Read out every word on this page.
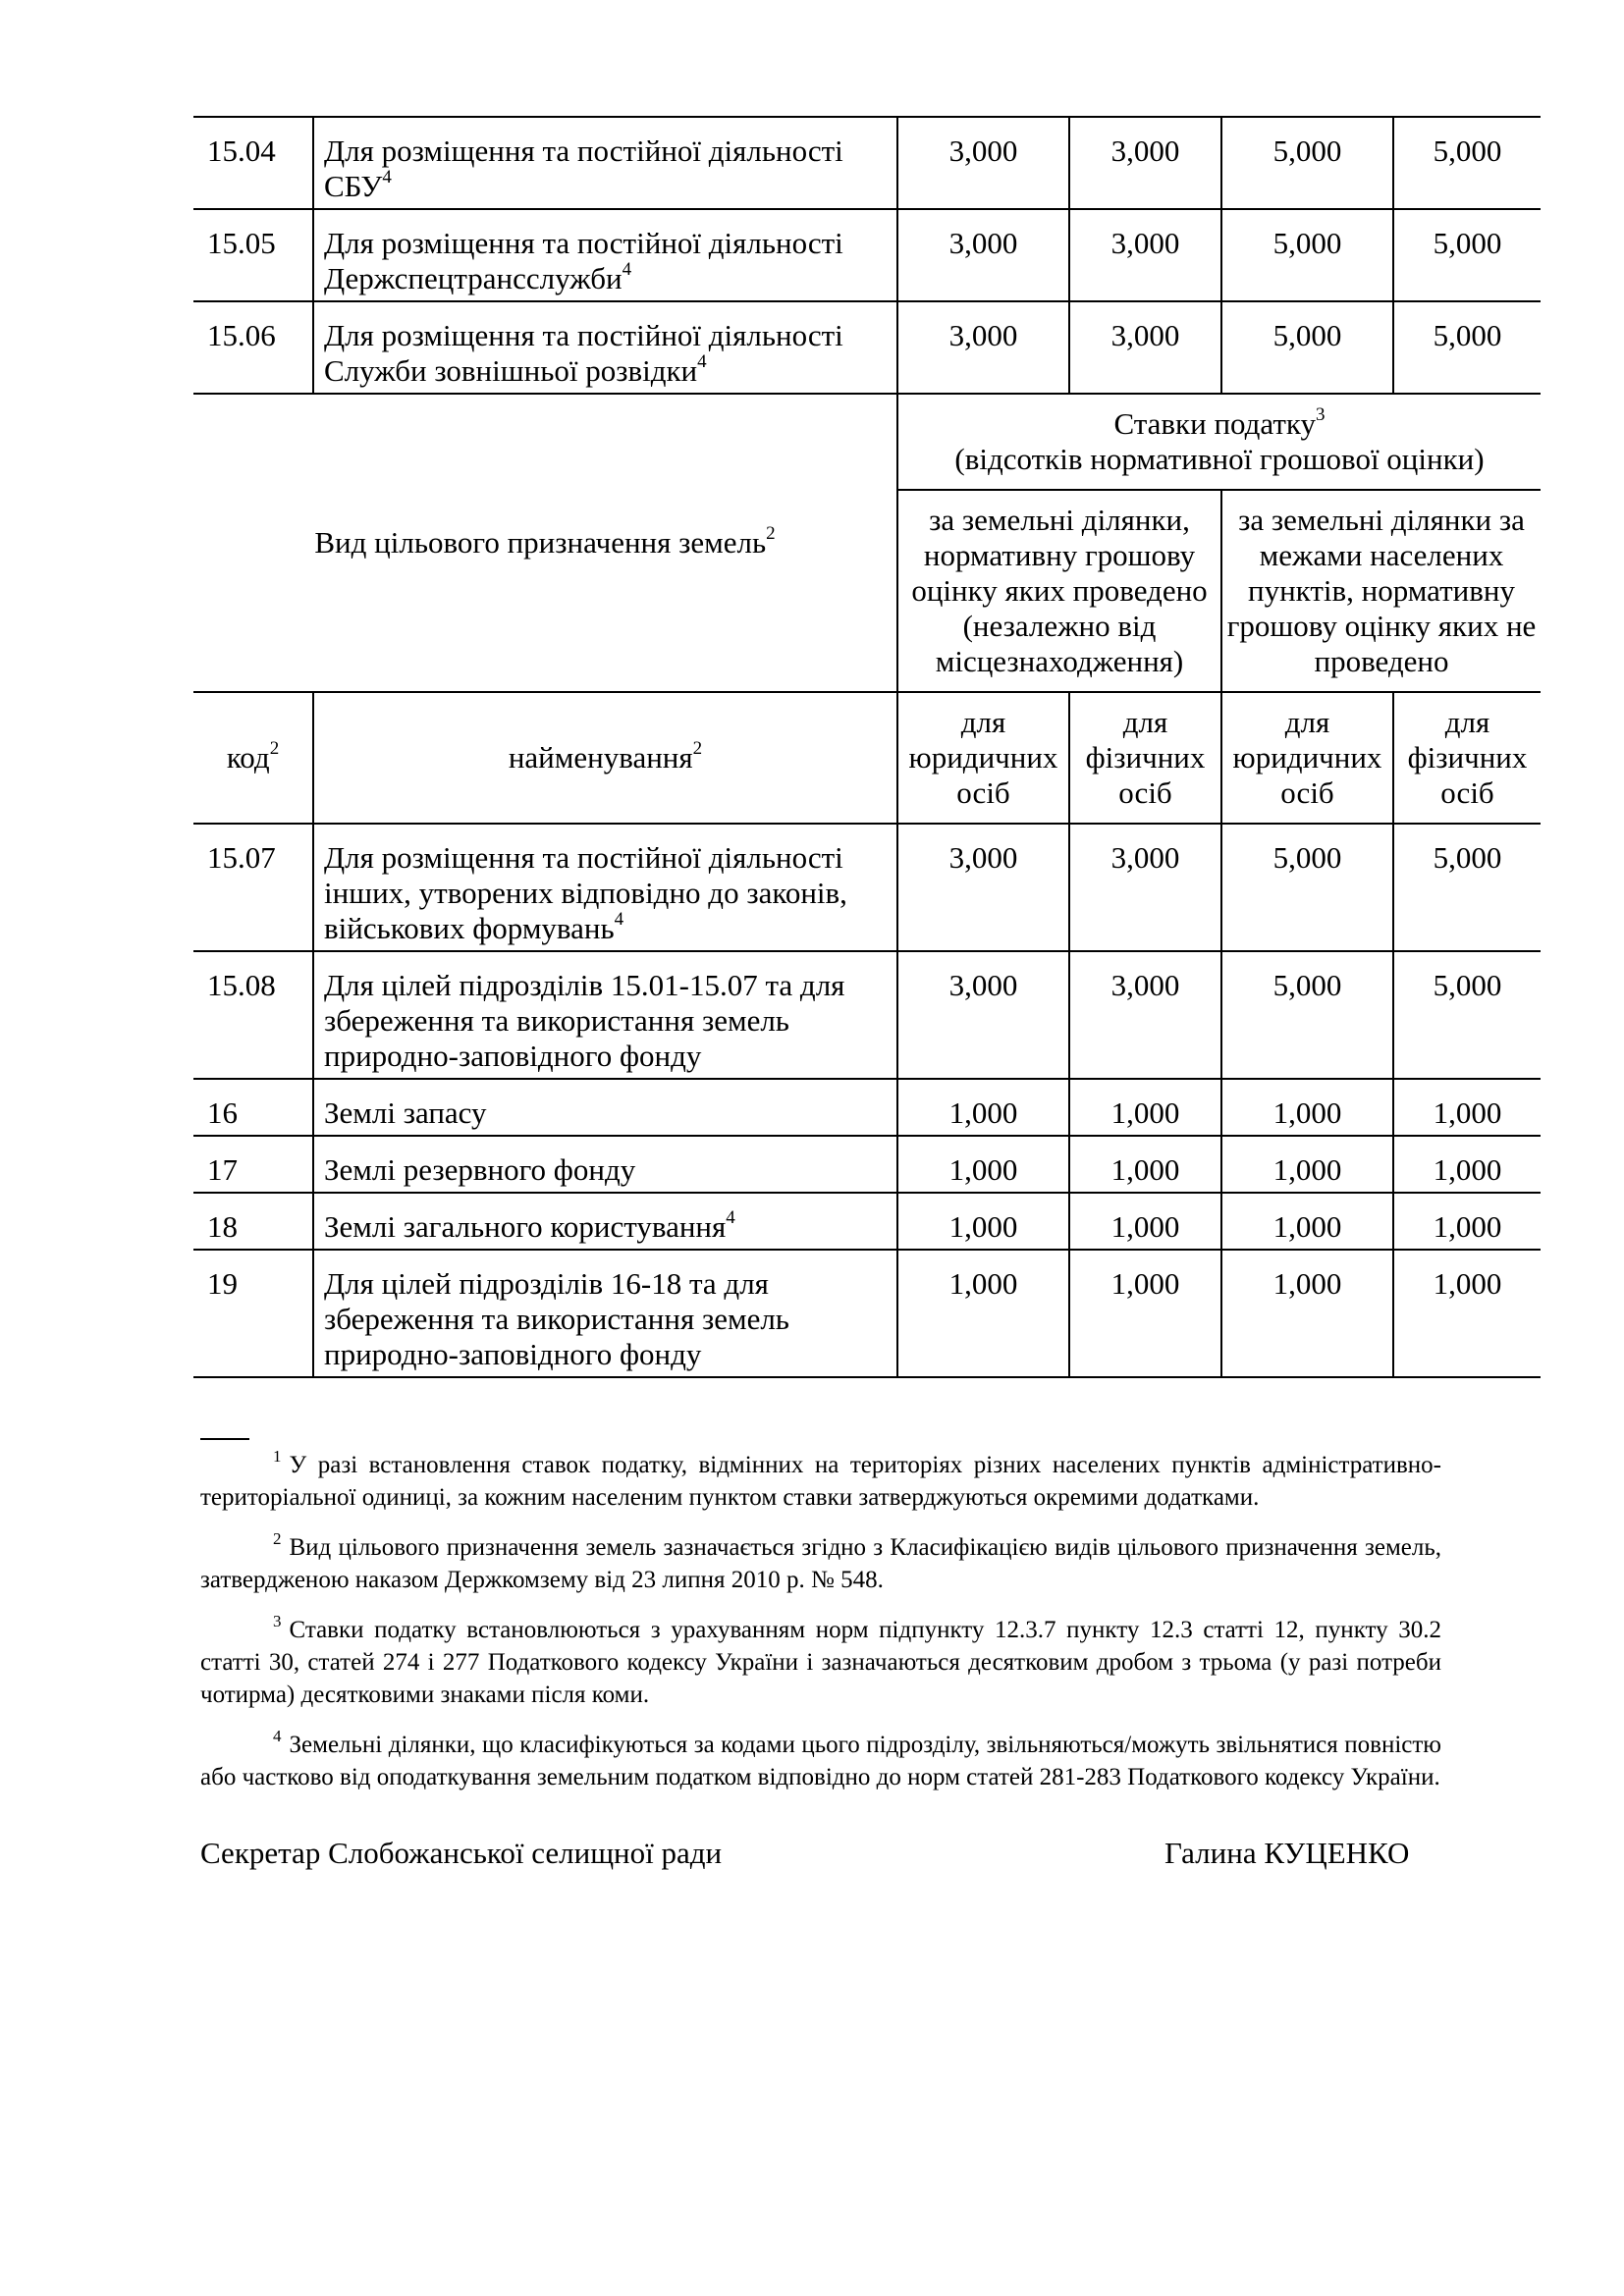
15.04	Для розміщення та постійної діяльності СБУ$^4$	3,000	3,000	5,000	5,000
15.05	Для розміщення та постійної діяльності Держспецтрансслужби$^4$	3,000	3,000	5,000	5,000
15.06	Для розміщення та постійної діяльності Служби зовнішньої розвідки$^4$	3,000	3,000	5,000	5,000
Вид цільового призначення земель$^2$		Ставки податку$^3$
(відсотків нормативної грошової оцінки)			
		за земельні ділянки, нормативну грошову оцінку яких проведено (незалежно від місцезнаходження)		за земельні ділянки за межами населених пунктів, нормативну грошову оцінку яких не проведено	
код$^2$	найменування$^2$	для юридичних осіб	для фізичних осіб	для юридичних осіб	для фізичних осіб
15.07	Для розміщення та постійної діяльності інших, утворених відповідно до законів, військових формувань$^4$	3,000	3,000	5,000	5,000
15.08	Для цілей підрозділів 15.01-15.07 та для збереження та використання земель природно-заповідного фонду	3,000	3,000	5,000	5,000
16	Землі запасу	1,000	1,000	1,000	1,000
17	Землі резервного фонду	1,000	1,000	1,000	1,000
18	Землі загального користування$^4$	1,000	1,000	1,000	1,000
19	Для цілей підрозділів 16-18 та для збереження та використання земель природно-заповідного фонду	1,000	1,000	1,000	1,000

$^1$ У разі встановлення ставок податку, відмінних на територіях різних населених пунктів адміністративно-територіальної одиниці, за кожним населеним пунктом ставки затверджуються окремими додатками.

$^2$ Вид цільового призначення земель зазначається згідно з Класифікацією видів цільового призначення земель, затвердженою наказом Держкомзему від 23 липня 2010 р. № 548.

$^3$ Ставки податку встановлюються з урахуванням норм підпункту 12.3.7 пункту 12.3 статті 12, пункту 30.2 статті 30, статей 274 і 277 Податкового кодексу України і зазначаються десятковим дробом з трьома (у разі потреби чотирма) десятковими знаками після коми.

$^4$ Земельні ділянки, що класифікуються за кодами цього підрозділу, звільняються/можуть звільнятися повністю або частково від оподаткування земельним податком відповідно до норм статей 281-283 Податкового кодексу України.

Секретар Слобожанської селищної ради	Галина КУЦЕНКО
